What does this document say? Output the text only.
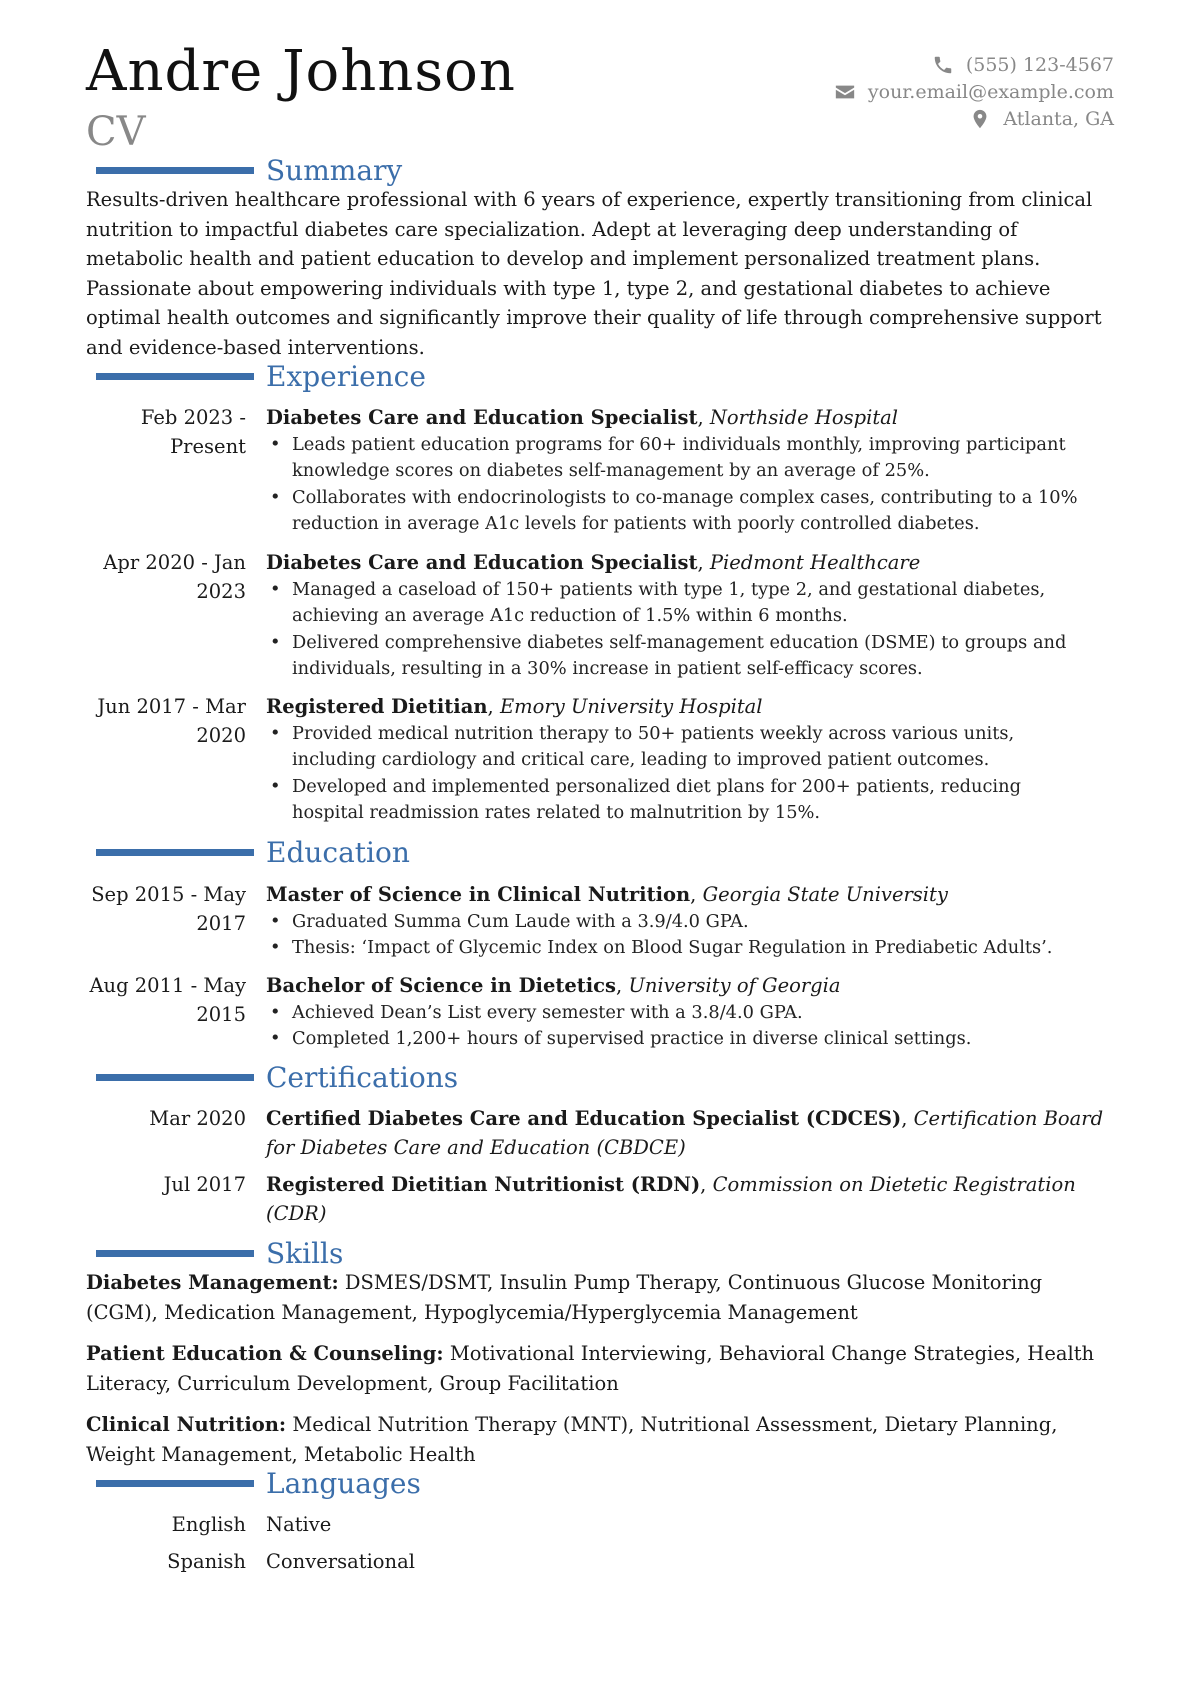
Andre Johnson
CV
(555) 123-4567
your.email@example.com
Atlanta, GA
Summary
Results-driven healthcare professional with 6 years of experience, expertly transitioning from clinical nutrition to impactful diabetes care specialization. Adept at leveraging deep understanding of metabolic health and patient education to develop and implement personalized treatment plans. Passionate about empowering individuals with type 1, type 2, and gestational diabetes to achieve optimal health outcomes and significantly improve their quality of life through comprehensive support and evidence-based interventions.
Experience
Feb 2023 - Present
Diabetes Care and Education Specialist, Northside Hospital
• Leads patient education programs for 60+ individuals monthly, improving participant knowledge scores on diabetes self-management by an average of 25%.
• Collaborates with endocrinologists to co-manage complex cases, contributing to a 10% reduction in average A1c levels for patients with poorly controlled diabetes.
Apr 2020 - Jan 2023
Diabetes Care and Education Specialist, Piedmont Healthcare
• Managed a caseload of 150+ patients with type 1, type 2, and gestational diabetes, achieving an average A1c reduction of 1.5% within 6 months.
• Delivered comprehensive diabetes self-management education (DSME) to groups and individuals, resulting in a 30% increase in patient self-efficacy scores.
Jun 2017 - Mar 2020
Registered Dietitian, Emory University Hospital
• Provided medical nutrition therapy to 50+ patients weekly across various units, including cardiology and critical care, leading to improved patient outcomes.
• Developed and implemented personalized diet plans for 200+ patients, reducing hospital readmission rates related to malnutrition by 15%.
Education
Sep 2015 - May 2017
Master of Science in Clinical Nutrition, Georgia State University
• Graduated Summa Cum Laude with a 3.9/4.0 GPA.
• Thesis: ‘Impact of Glycemic Index on Blood Sugar Regulation in Prediabetic Adults’.
Aug 2011 - May 2015
Bachelor of Science in Dietetics, University of Georgia
• Achieved Dean’s List every semester with a 3.8/4.0 GPA.
• Completed 1,200+ hours of supervised practice in diverse clinical settings.
Certifications
Mar 2020 Certified Diabetes Care and Education Specialist (CDCES), Certification Board for Diabetes Care and Education (CBDCE)
Jul 2017 Registered Dietitian Nutritionist (RDN), Commission on Dietetic Registration (CDR)
Skills
Diabetes Management: DSMES/DSMT, Insulin Pump Therapy, Continuous Glucose Monitoring (CGM), Medication Management, Hypoglycemia/Hyperglycemia Management
Patient Education & Counseling: Motivational Interviewing, Behavioral Change Strategies, Health Literacy, Curriculum Development, Group Facilitation
Clinical Nutrition: Medical Nutrition Therapy (MNT), Nutritional Assessment, Dietary Planning, Weight Management, Metabolic Health
Languages
English Native
Spanish Conversational
